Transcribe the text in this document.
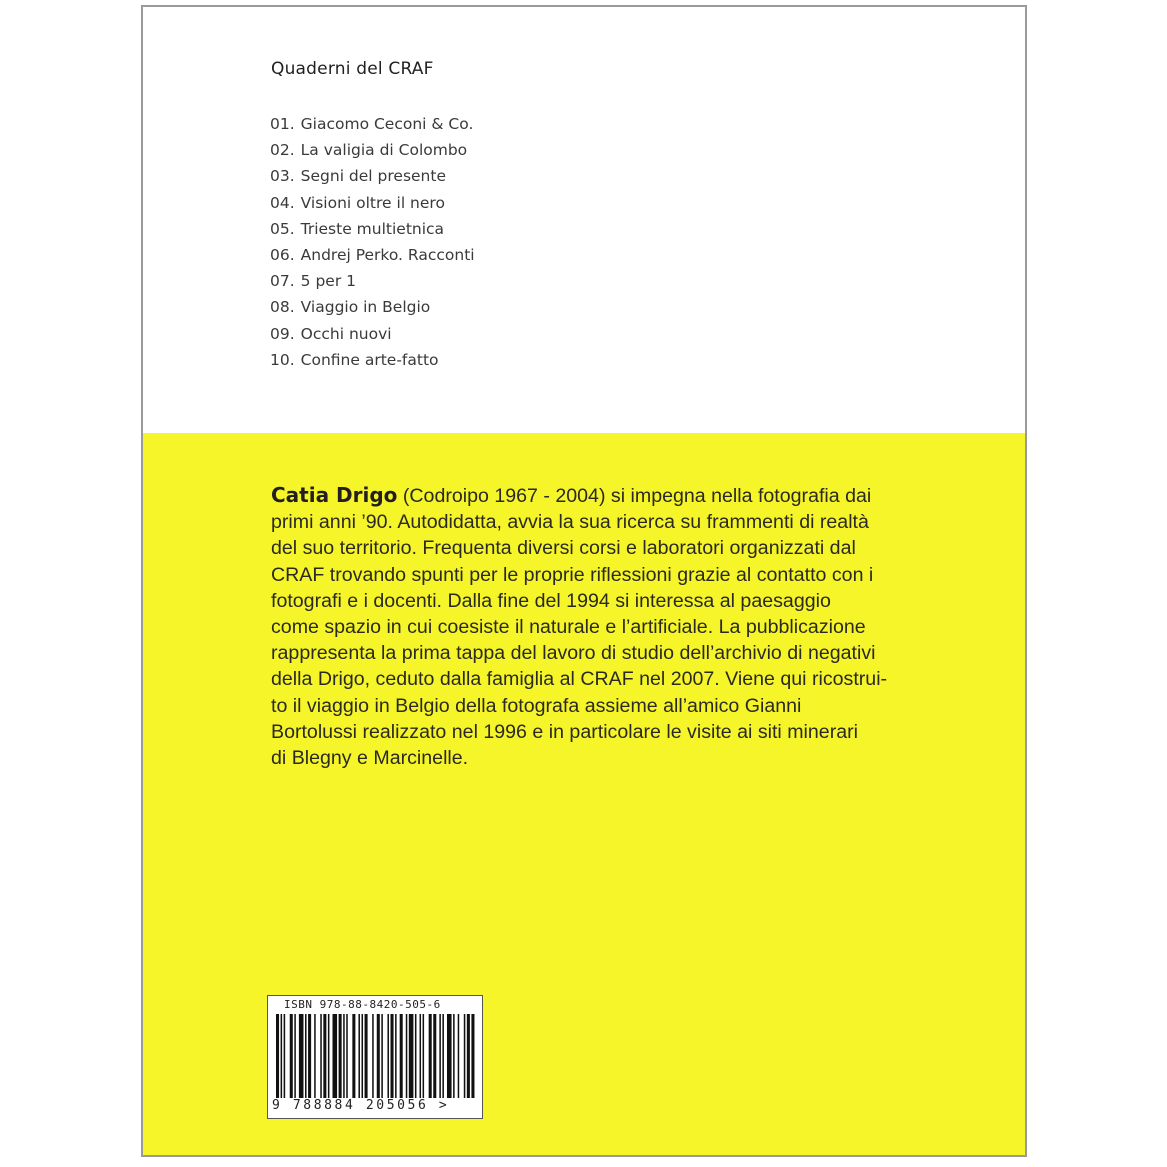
Quaderni del CRAF
01. Giacomo Ceconi & Co.
02. La valigia di Colombo
03. Segni del presente
04. Visioni oltre il nero
05. Trieste multietnica
06. Andrej Perko. Racconti
07. 5 per 1
08. Viaggio in Belgio
09. Occhi nuovi
10. Confine arte-fatto

Catia Drigo (Codroipo 1967 - 2004) si impegna nella fotografia dai
primi anni ’90. Autodidatta, avvia la sua ricerca su frammenti di realtà
del suo territorio. Frequenta diversi corsi e laboratori organizzati dal
CRAF trovando spunti per le proprie riflessioni grazie al contatto con i
fotografi e i docenti. Dalla fine del 1994 si interessa al paesaggio
come spazio in cui coesiste il naturale e l’artificiale. La pubblicazione
rappresenta la prima tappa del lavoro di studio dell’archivio di negativi
della Drigo, ceduto dalla famiglia al CRAF nel 2007. Viene qui ricostrui-
to il viaggio in Belgio della fotografa assieme all’amico Gianni
Bortolussi realizzato nel 1996 e in particolare le visite ai siti minerari
di Blegny e Marcinelle.

ISBN 978-88-8420-505-6
9 788884 205056 >
